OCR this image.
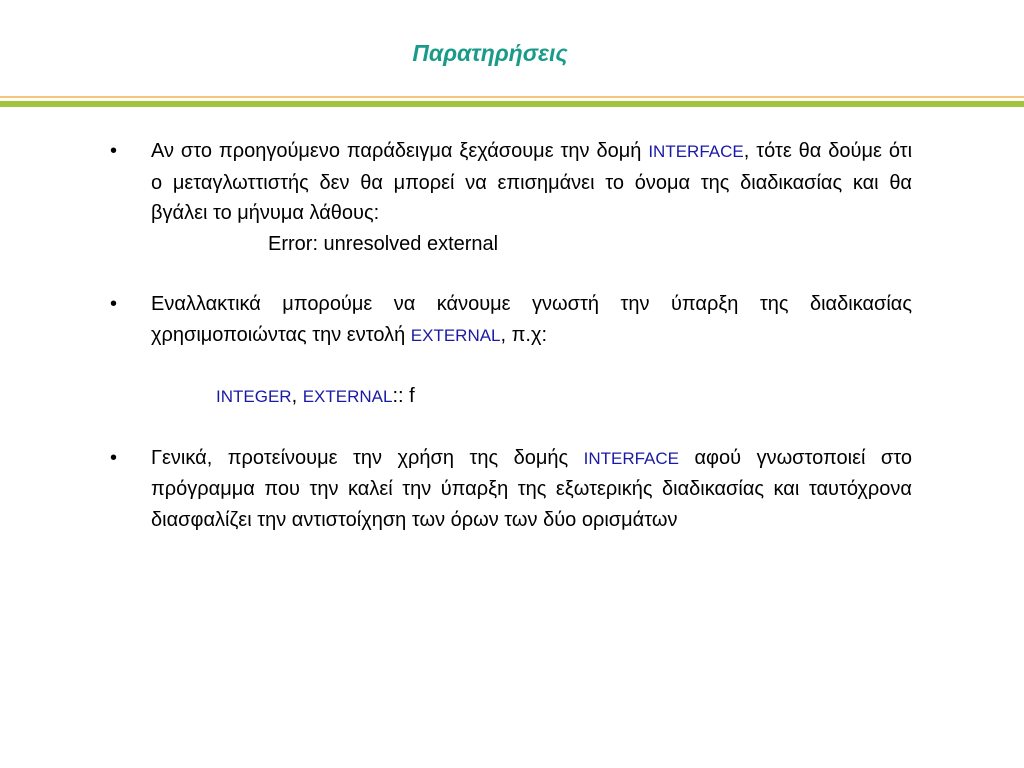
Παρατηρήσεις
• Αν στο προηγούμενο παράδειγμα ξεχάσουμε την δομή INTERFACE, τότε θα δούμε ότι ο μεταγλωττιστής δεν θα μπορεί να επισημάνει το όνομα της διαδικασίας και θα βγάλει το μήνυμα λάθους:
Error: unresolved external
• Εναλλακτικά μπορούμε να κάνουμε γνωστή την ύπαρξη της διαδικασίας χρησιμοποιώντας την εντολή EXTERNAL, π.χ:
INTEGER, EXTERNAL:: f
• Γενικά, προτείνουμε την χρήση της δομής INTERFACE αφού γνωστοποιεί στο πρόγραμμα που την καλεί την ύπαρξη της εξωτερικής διαδικασίας και ταυτόχρονα διασφαλίζει την αντιστοίχηση των όρων των δύο ορισμάτων
